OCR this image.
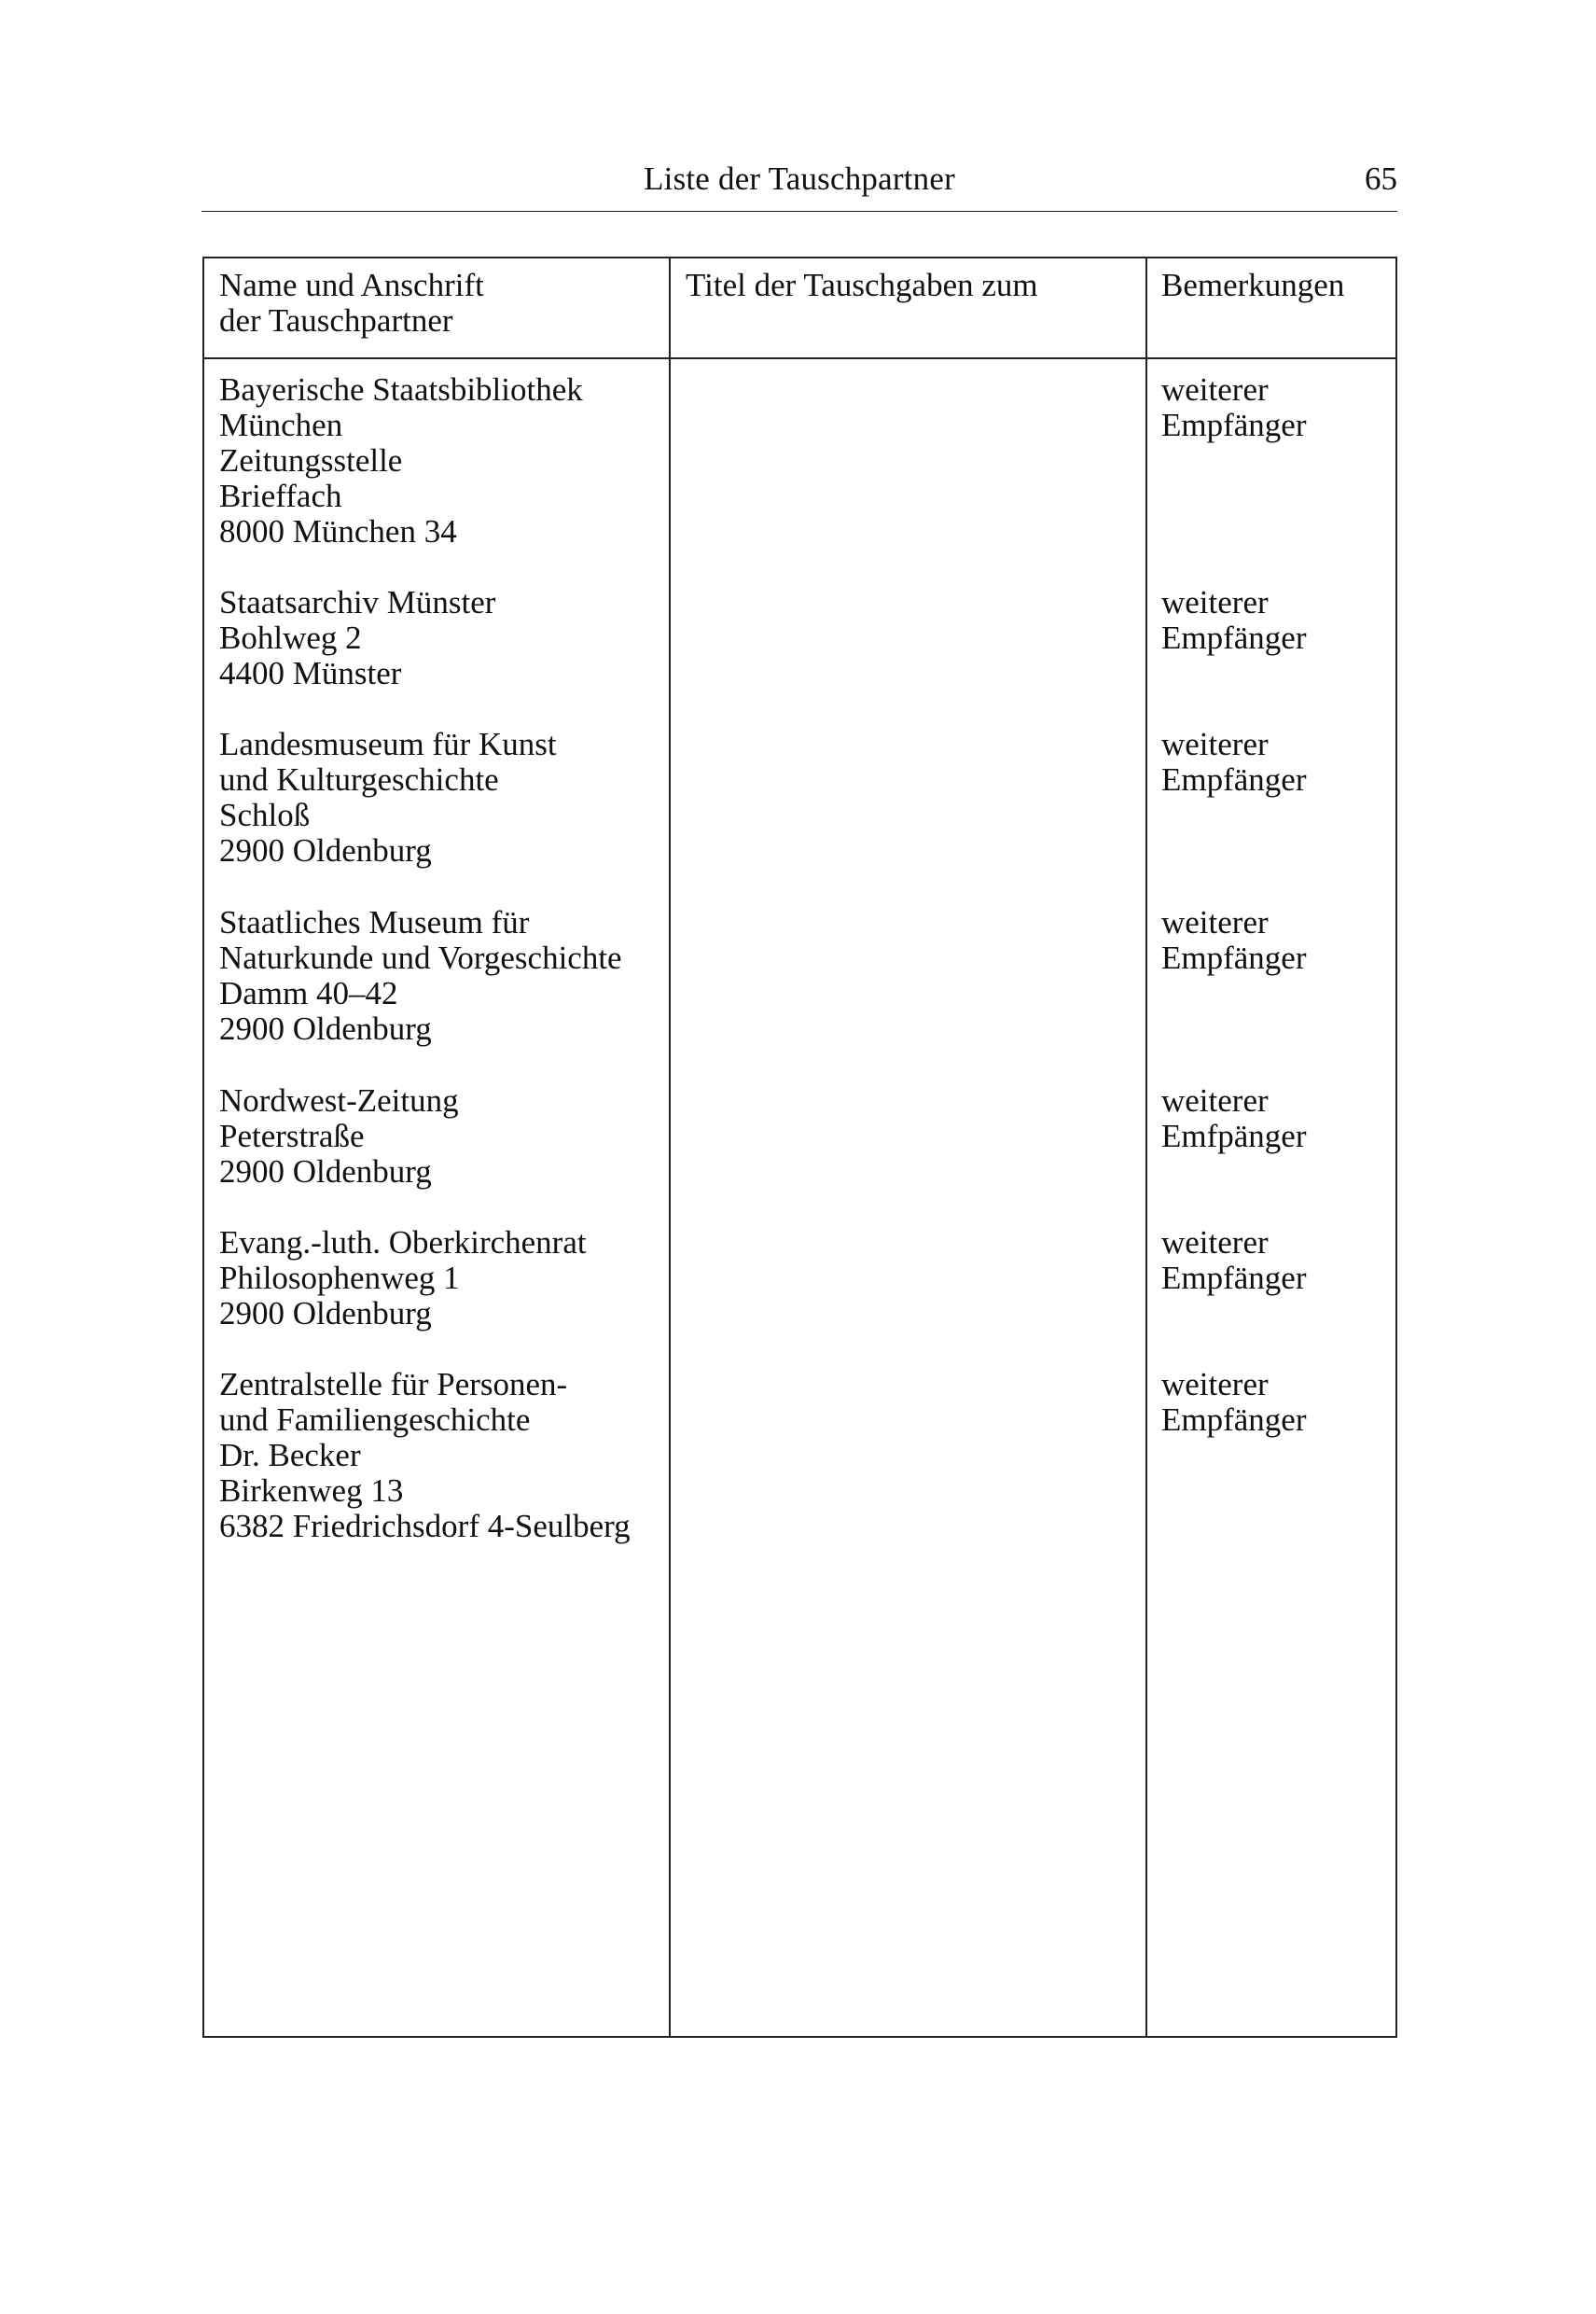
Liste der Tauschpartner	65
Name und Anschrift
der Tauschpartner
Titel der Tauschgaben zum	Bemerkungen
Bayerische Staatsbibliothek
München
Zeitungsstelle
Brieffach
8000 München 34
weiterer
Empfänger
Staatsarchiv Münster
Bohlweg 2
4400 Münster
weiterer
Empfänger
Landesmuseum für Kunst
und Kulturgeschichte
Schloß
2900 Oldenburg
weiterer
Empfänger
Staatliches Museum für
Naturkunde und Vorgeschichte
Damm 40–42
2900 Oldenburg
weiterer
Empfänger
Nordwest-Zeitung
Peterstraße
2900 Oldenburg
weiterer
Emfpänger
Evang.-luth. Oberkirchenrat
Philosophenweg 1
2900 Oldenburg
weiterer
Empfänger
Zentralstelle für Personen-
und Familiengeschichte
Dr. Becker
Birkenweg 13
6382 Friedrichsdorf 4-Seulberg
weiterer
Empfänger
